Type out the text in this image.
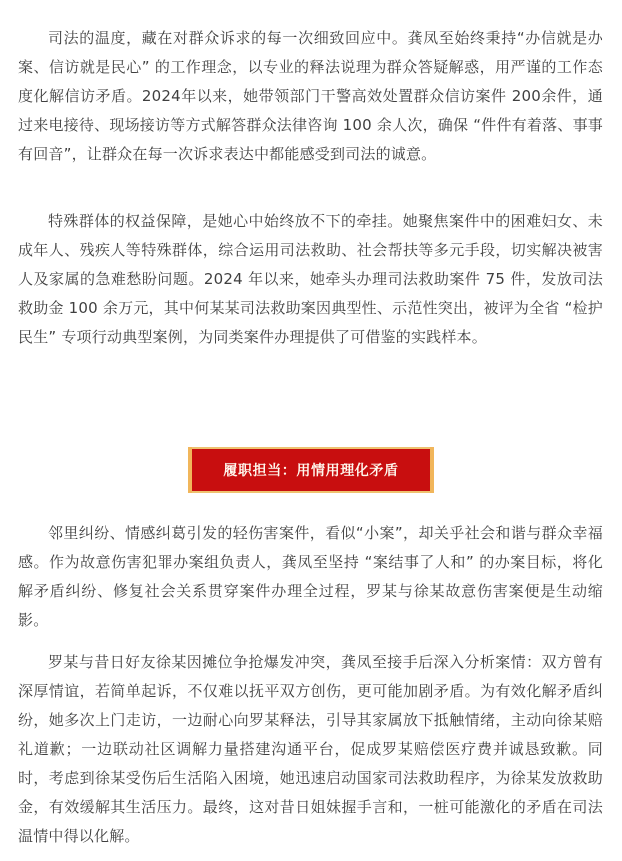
司法的温度，藏在对群众诉求的每一次细致回应中。龚凤至始终秉持“办信就是办案、信访就是民心” 的工作理念，以专业的释法说理为群众答疑解惑，用严谨的工作态度化解信访矛盾。2024年以来，她带领部门干警高效处置群众信访案件 200余件，通过来电接待、现场接访等方式解答群众法律咨询 100 余人次，确保 “件件有着落、事事有回音”，让群众在每一次诉求表达中都能感受到司法的诚意。

特殊群体的权益保障，是她心中始终放不下的牵挂。她聚焦案件中的困难妇女、未成年人、残疾人等特殊群体，综合运用司法救助、社会帮扶等多元手段，切实解决被害人及家属的急难愁盼问题。2024 年以来，她牵头办理司法救助案件 75 件，发放司法救助金 100 余万元，其中何某某司法救助案因典型性、示范性突出，被评为全省 “检护民生” 专项行动典型案例，为同类案件办理提供了可借鉴的实践样本。

履职担当：用情用理化矛盾

邻里纠纷、情感纠葛引发的轻伤害案件，看似“小案”，却关乎社会和谐与群众幸福感。作为故意伤害犯罪办案组负责人，龚凤至坚持 “案结事了人和” 的办案目标，将化解矛盾纠纷、修复社会关系贯穿案件办理全过程，罗某与徐某故意伤害案便是生动缩影。

罗某与昔日好友徐某因摊位争抢爆发冲突，龚凤至接手后深入分析案情：双方曾有深厚情谊，若简单起诉，不仅难以抚平双方创伤，更可能加剧矛盾。为有效化解矛盾纠纷，她多次上门走访，一边耐心向罗某释法，引导其家属放下抵触情绪，主动向徐某赔礼道歉；一边联动社区调解力量搭建沟通平台，促成罗某赔偿医疗费并诚恳致歉。同时，考虑到徐某受伤后生活陷入困境，她迅速启动国家司法救助程序，为徐某发放救助金，有效缓解其生活压力。最终，这对昔日姐妹握手言和，一桩可能激化的矛盾在司法温情中得以化解。
